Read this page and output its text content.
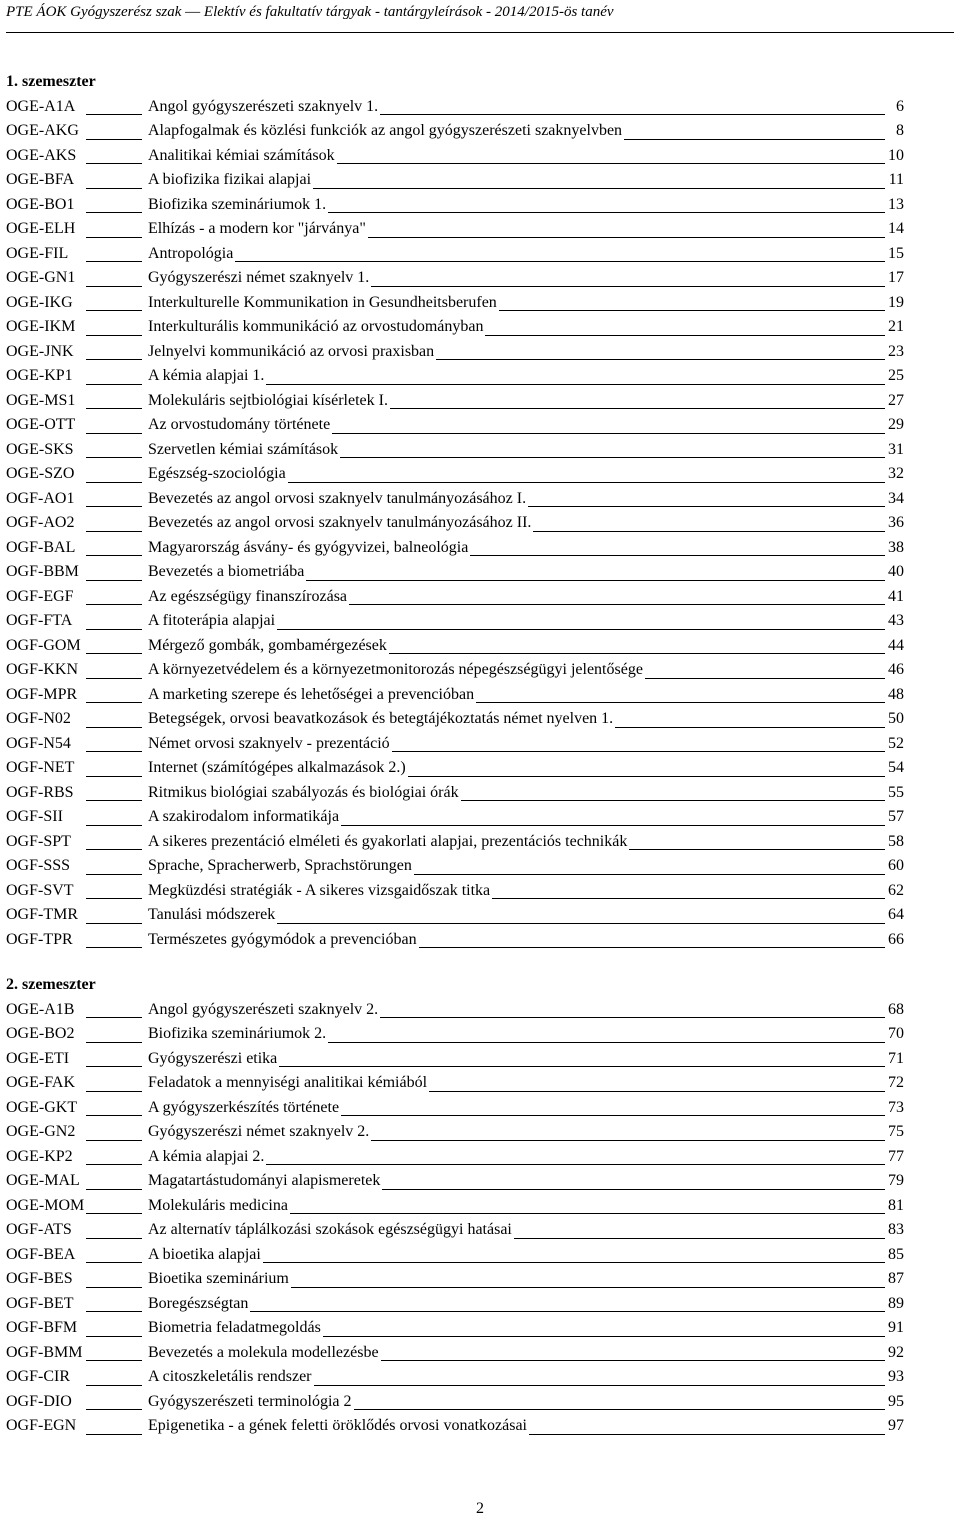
PTE ÁOK Gyógyszerész szak ― Elektív és fakultatív tárgyak - tantárgyleírások - 2014/2015-ös tanév
1. szemeszter
OGE-A1A	Angol gyógyszerészeti szaknyelv 1.	6
OGE-AKG	Alapfogalmak és közlési funkciók az angol gyógyszerészeti szaknyelvben	8
OGE-AKS	Analitikai kémiai számítások	10
OGE-BFA	A biofizika fizikai alapjai	11
OGE-BO1	Biofizika szemináriumok 1.	13
OGE-ELH	Elhízás - a modern kor "járványa"	14
OGE-FIL	Antropológia	15
OGE-GN1	Gyógyszerészi német szaknyelv 1.	17
OGE-IKG	Interkulturelle Kommunikation in Gesundheitsberufen	19
OGE-IKM	Interkulturális kommunikáció az orvostudományban	21
OGE-JNK	Jelnyelvi kommunikáció az orvosi praxisban	23
OGE-KP1	A kémia alapjai 1.	25
OGE-MS1	Molekuláris sejtbiológiai kísérletek I.	27
OGE-OTT	Az orvostudomány története	29
OGE-SKS	Szervetlen kémiai számítások	31
OGE-SZO	Egészség-szociológia	32
OGF-AO1	Bevezetés az angol orvosi szaknyelv tanulmányozásához I.	34
OGF-AO2	Bevezetés az angol orvosi szaknyelv tanulmányozásához II.	36
OGF-BAL	Magyarország ásvány- és gyógyvizei, balneológia	38
OGF-BBM	Bevezetés a biometriába	40
OGF-EGF	Az egészségügy finanszírozása	41
OGF-FTA	A fitoterápia alapjai	43
OGF-GOM	Mérgező gombák, gombamérgezések	44
OGF-KKN	A környezetvédelem és a környezetmonitorozás népegészségügyi jelentősége	46
OGF-MPR	A marketing szerepe és lehetőségei a prevencióban	48
OGF-N02	Betegségek, orvosi beavatkozások és betegtájékoztatás német nyelven 1.	50
OGF-N54	Német orvosi szaknyelv - prezentáció	52
OGF-NET	Internet (számítógépes alkalmazások 2.)	54
OGF-RBS	Ritmikus biológiai szabályozás és biológiai órák	55
OGF-SII	A szakirodalom informatikája	57
OGF-SPT	A sikeres prezentáció elméleti és gyakorlati alapjai, prezentációs technikák	58
OGF-SSS	Sprache, Spracherwerb, Sprachstörungen	60
OGF-SVT	Megküzdési stratégiák - A sikeres vizsgaidőszak titka	62
OGF-TMR	Tanulási módszerek	64
OGF-TPR	Természetes gyógymódok a prevencióban	66
2. szemeszter
OGE-A1B	Angol gyógyszerészeti szaknyelv 2.	68
OGE-BO2	Biofizika szemináriumok 2.	70
OGE-ETI	Gyógyszerészi etika	71
OGE-FAK	Feladatok a mennyiségi analitikai kémiából	72
OGE-GKT	A gyógyszerkészítés története	73
OGE-GN2	Gyógyszerészi német szaknyelv 2.	75
OGE-KP2	A kémia alapjai 2.	77
OGE-MAL	Magatartástudományi alapismeretek	79
OGE-MOM	Molekuláris medicina	81
OGF-ATS	Az alternatív táplálkozási szokások egészségügyi hatásai	83
OGF-BEA	A bioetika alapjai	85
OGF-BES	Bioetika szeminárium	87
OGF-BET	Boregészségtan	89
OGF-BFM	Biometria feladatmegoldás	91
OGF-BMM	Bevezetés a molekula modellezésbe	92
OGF-CIR	A citoszkeletális rendszer	93
OGF-DIO	Gyógyszerészeti terminológia 2	95
OGF-EGN	Epigenetika - a gének feletti öröklődés orvosi vonatkozásai	97
2
